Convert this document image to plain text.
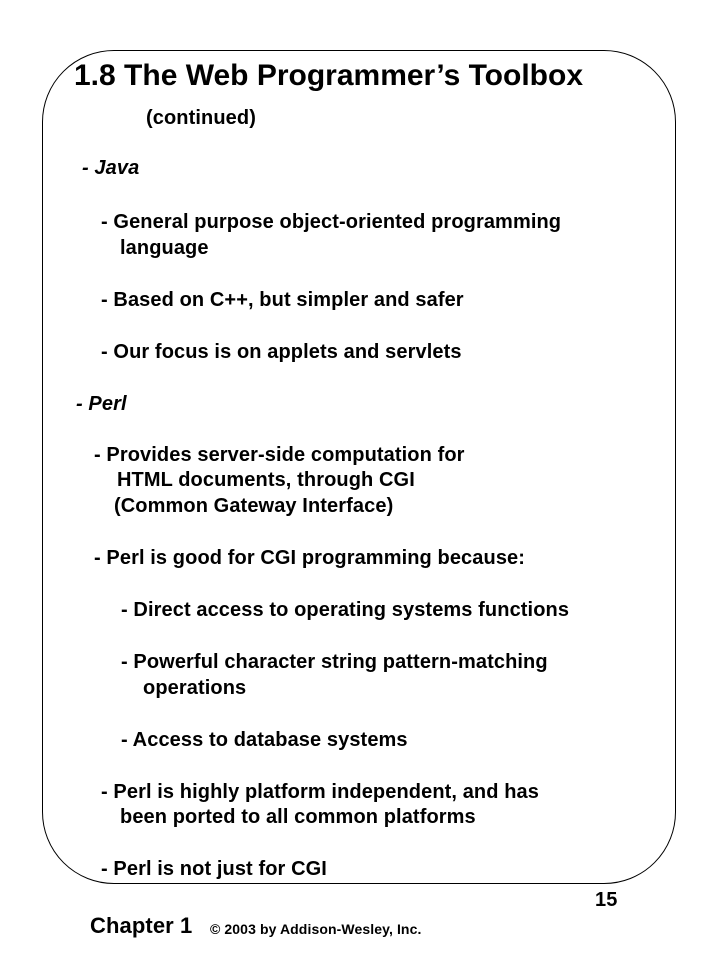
1.8 The Web Programmer’s Toolbox
(continued)
- Java
- General purpose object-oriented programming
language
- Based on C++, but simpler and safer
- Our focus is on applets and servlets
- Perl
- Provides server-side computation for
HTML documents, through CGI
(Common Gateway Interface)
- Perl is good for CGI programming because:
- Direct access to operating systems functions
- Powerful character string pattern-matching
operations
- Access to database systems
- Perl is highly platform independent, and has
been ported to all common platforms
- Perl is not just for CGI
Chapter 1 © 2003 by Addison-Wesley, Inc.
15
